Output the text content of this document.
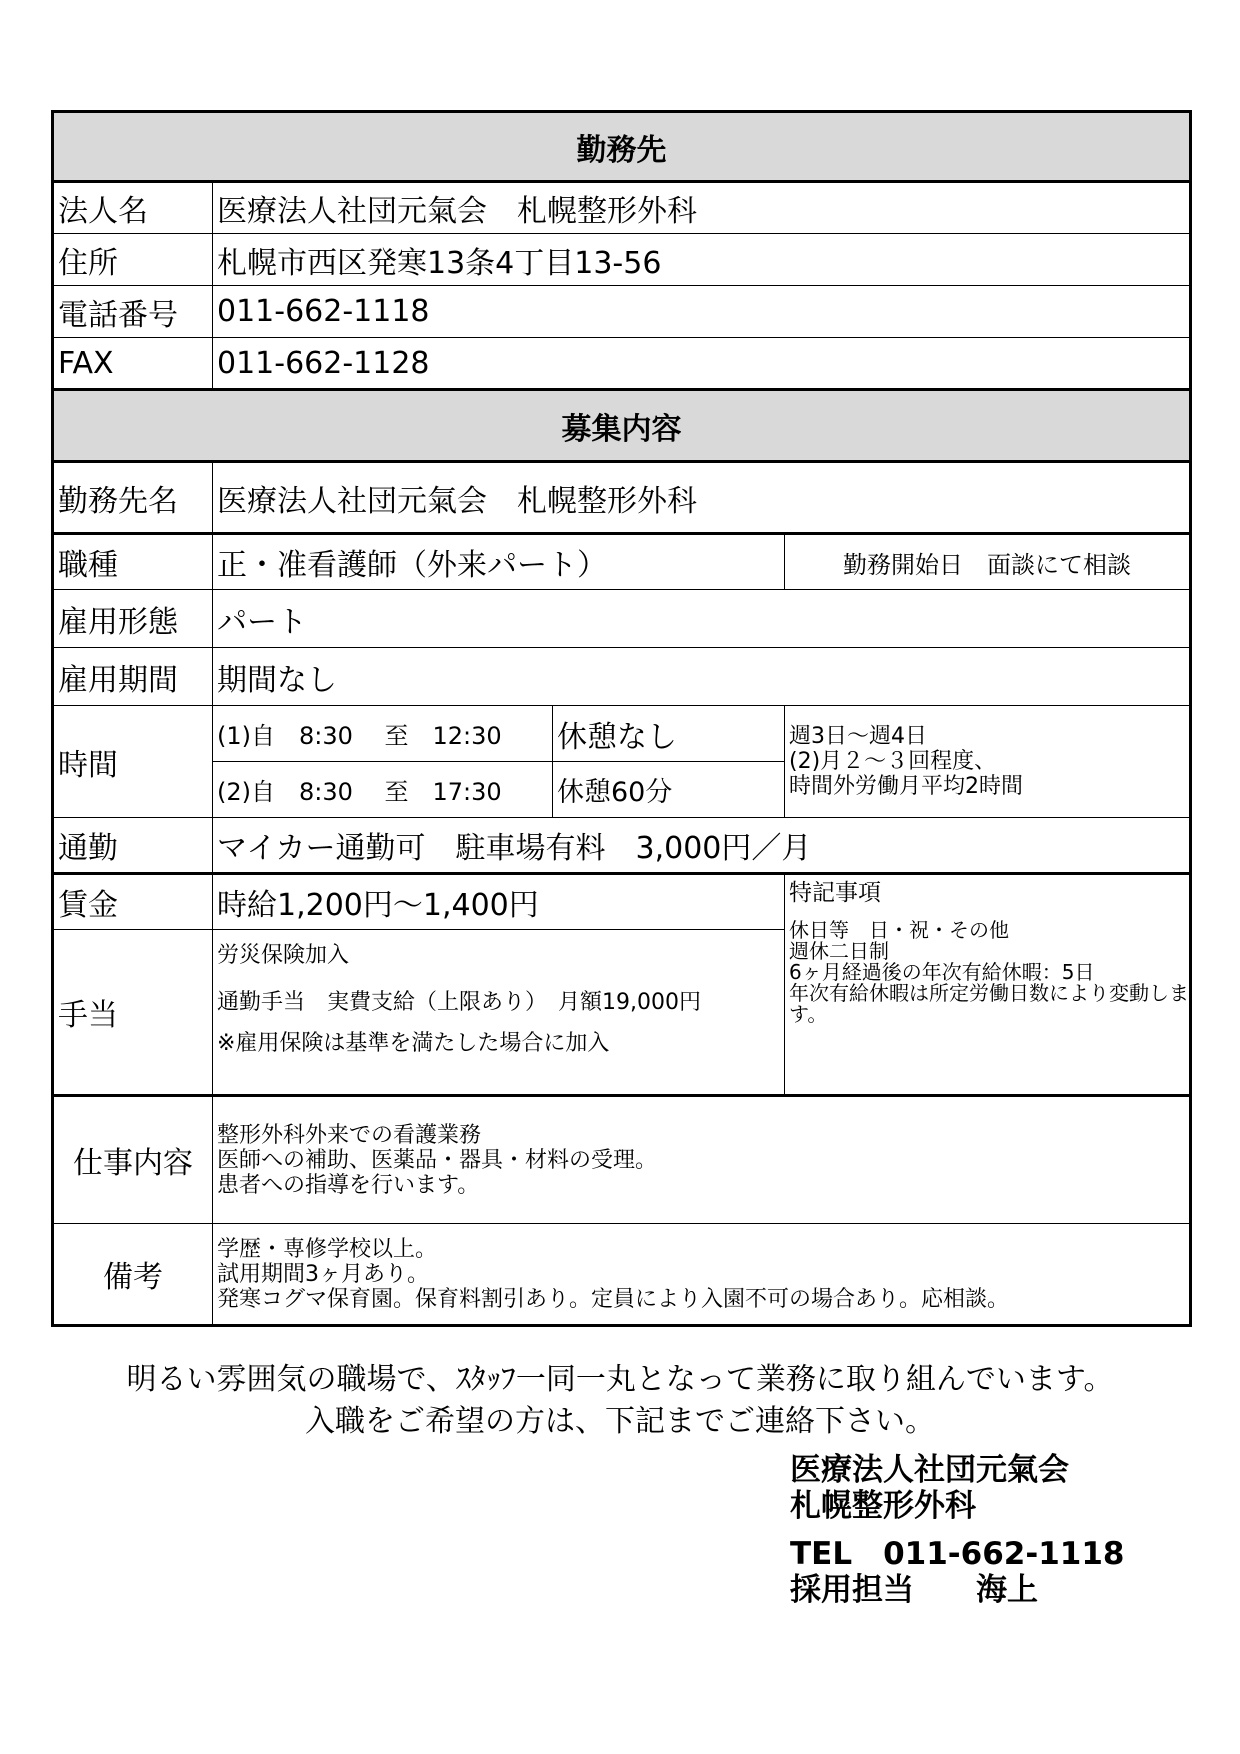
勤務先			
法人名	医療法人社団元氣会　札幌整形外科		
住所	札幌市西区発寒13条4丁目13-56		
電話番号	011-662-1118		
FAX	011-662-1128		
募集内容			
勤務先名	医療法人社団元氣会　札幌整形外科		
職種	正・准看護師（外来パート）		勤務開始日　面談にて相談
雇用形態	パート		
雇用期間	期間なし		
時間	(1)自　8:30　 至　12:30	休憩なし	週3日～週4日
(2)月２～３回程度、
時間外労働月平均2時間

	(2)自　8:30　 至　17:30	休憩60分	
通勤	マイカー通勤可　駐車場有料　3,000円／月		
賃金	時給1,200円～1,400円		特記事項
休日等　日・祝・その他
週休二日制
6ヶ月経過後の年次有給休暇：5日
年次有給休暇は所定労働日数により変動します。

手当	労災保険加入
通勤手当　実費支給（上限あり）　月額19,000円
※雇用保険は基準を満たした場合に加入		

仕事内容	整形外科外来での看護業務
医師への補助、医薬品・器具・材料の受理。
患者への指導を行います。		

備考	学歴・専修学校以上。
試用期間3ヶ月あり。
発寒コグマ保育園。保育料割引あり。定員により入園不可の場合あり。応相談。		
明るい雰囲気の職場で、ｽﾀｯﾌ一同一丸となって業務に取り組んでいます。
入職をご希望の方は、下記までご連絡下さい。
医療法人社団元氣会
札幌整形外科
TEL　011-662-1118
採用担当　　海上
